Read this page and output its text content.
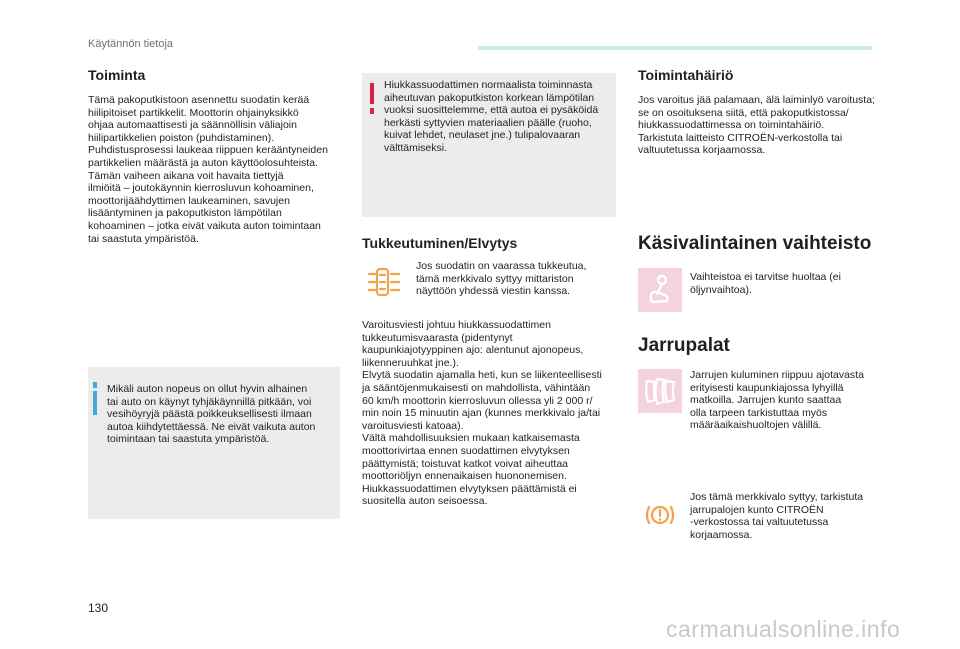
Käytännön tietoja
Toiminta
Tämä pakoputkistoon asennettu suodatin kerää
hiilipitoiset partikkelit. Moottorin ohjainyksikkö
ohjaa automaattisesti ja säännöllisin väliajoin
hiilipartikkelien poiston (puhdistaminen).
Puhdistusprosessi laukeaa riippuen kerääntyneiden
partikkelien määrästä ja auton käyttöolosuhteista.
Tämän vaiheen aikana voit havaita tiettyjä
ilmiöitä – joutokäynnin kierrosluvun kohoaminen,
moottorijäähdyttimen laukeaminen, savujen
lisääntyminen ja pakoputkiston lämpötilan
kohoaminen – jotka eivät vaikuta auton toimintaan
tai saastuta ympäristöä.
Mikäli auton nopeus on ollut hyvin alhainen
tai auto on käynyt tyhjäkäynnillä pitkään, voi
vesihöyryjä päästä poikkeuksellisesti ilmaan
autoa kiihdytettäessä. Ne eivät vaikuta auton
toimintaan tai saastuta ympäristöä.
Hiukkassuodattimen normaalista toiminnasta
aiheutuvan pakoputkiston korkean lämpötilan
vuoksi suosittelemme, että autoa ei pysäköidä
herkästi syttyvien materiaalien päälle (ruoho,
kuivat lehdet, neulaset jne.) tulipalovaaran
välttämiseksi.
Tukkeutuminen/Elvytys
Jos suodatin on vaarassa tukkeutua,
tämä merkkivalo syttyy mittariston
näyttöön yhdessä viestin kanssa.
Varoitusviesti johtuu hiukkassuodattimen
tukkeutumisvaarasta (pidentynyt
kaupunkiajotyyppinen ajo: alentunut ajonopeus,
liikenneruuhkat jne.).
Elvytä suodatin ajamalla heti, kun se liikenteellisesti
ja sääntöjenmukaisesti on mahdollista, vähintään
60 km/h moottorin kierrosluvun ollessa yli 2 000 r/
min noin 15 minuutin ajan (kunnes merkkivalo ja/tai
varoitusviesti katoaa).
Vältä mahdollisuuksien mukaan katkaisemasta
moottorivirtaa ennen suodattimen elvytyksen
päättymistä; toistuvat katkot voivat aiheuttaa
moottoriöljyn ennenaikaisen huononemisen.
Hiukkassuodattimen elvytyksen päättämistä ei
suositella auton seisoessa.
Toimintahäiriö
Jos varoitus jää palamaan, älä laiminlyö varoitusta;
se on osoituksena siitä, että pakoputkistossa/
hiukkassuodattimessa on toimintahäiriö.
Tarkistuta laitteisto CITROËN-verkostolla tai
valtuutetussa korjaamossa.
Käsivalintainen vaihteisto
Vaihteistoa ei tarvitse huoltaa (ei
öljynvaihtoa).
Jarrupalat
Jarrujen kuluminen riippuu ajotavasta
erityisesti kaupunkiajossa lyhyillä
matkoilla. Jarrujen kunto saattaa
olla tarpeen tarkistuttaa myös
määräaikaishuoltojen välillä.
Jos tämä merkkivalo syttyy, tarkistuta
jarrupalojen kunto CITROËN
-verkostossa tai valtuutetussa
korjaamossa.
130
carmanualsonline.info
